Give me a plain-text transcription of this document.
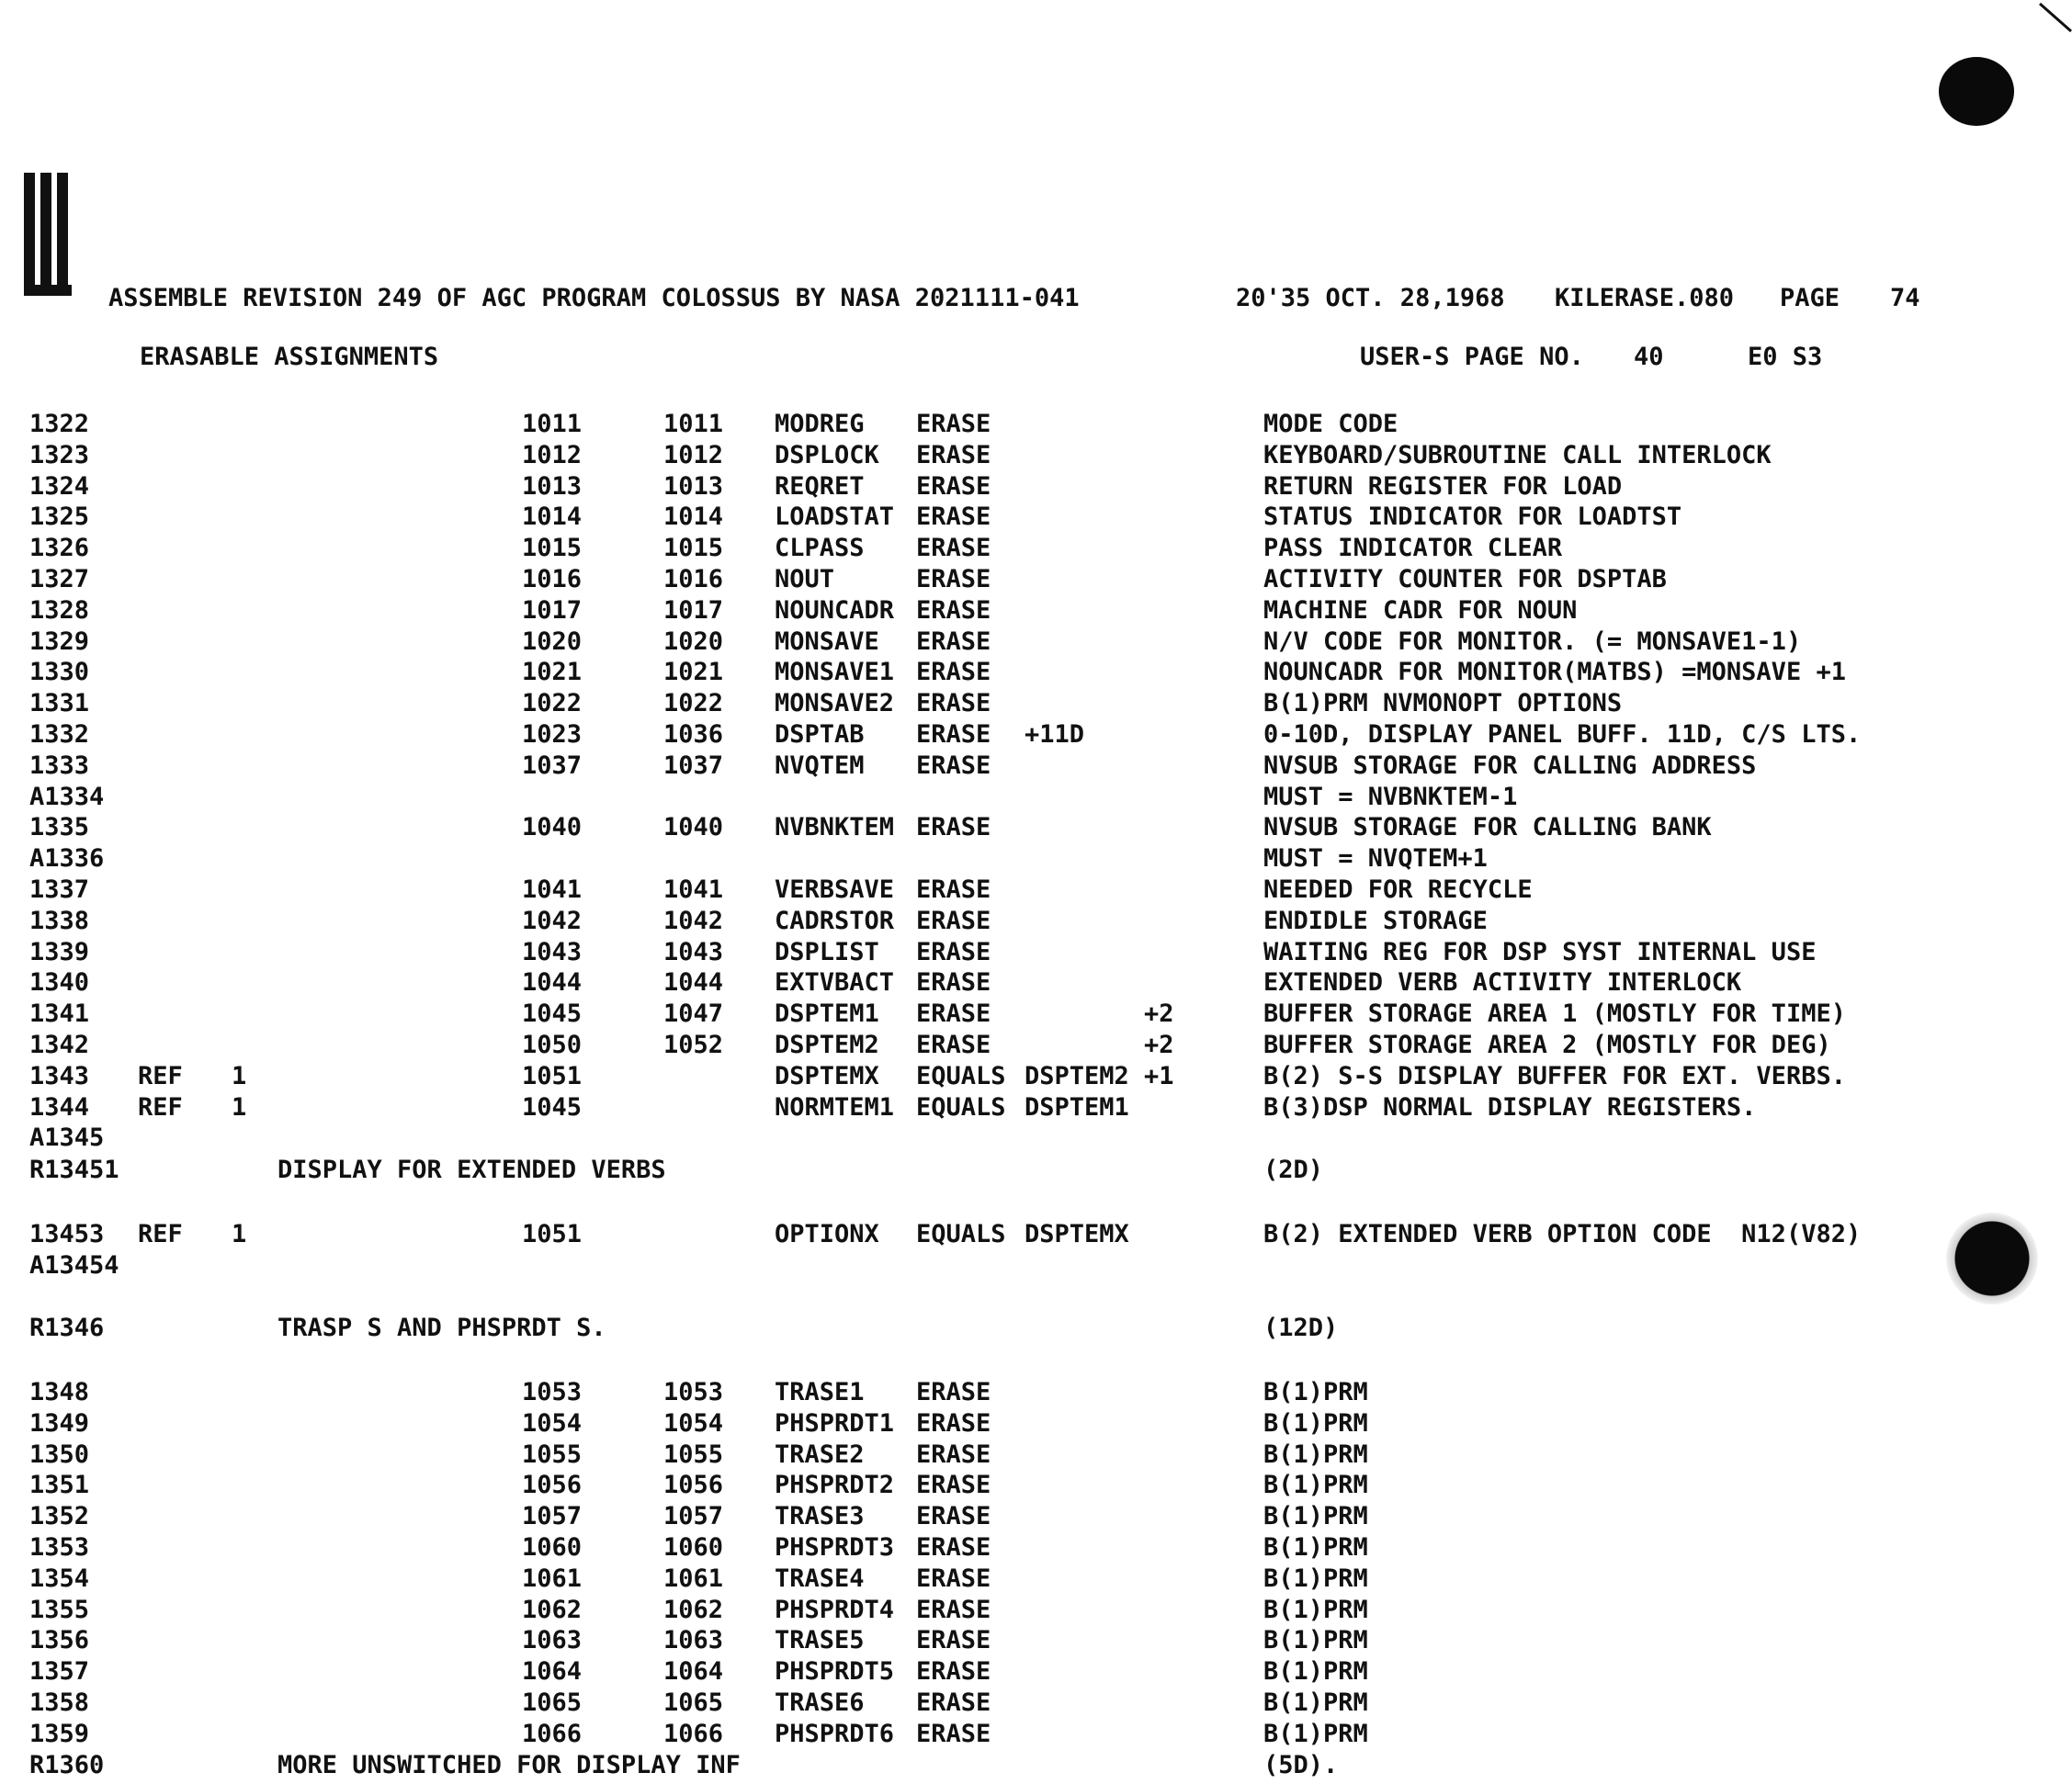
ASSEMBLE REVISION 249 OF AGC PROGRAM COLOSSUS BY NASA 2021111-041	20'35 OCT. 28,1968 KILERASE.080 PAGE 74
ERASABLE ASSIGNMENTS	USER-S PAGE NO. 40	E0 S3
1322	1011	1011 MODREG ERASE	MODE CODE
1323	1012	1012 DSPLOCK ERASE	KEYBOARD/SUBROUTINE CALL INTERLOCK
1324	1013	1013 REQRET ERASE	RETURN REGISTER FOR LOAD
1325	1014	1014 LOADSTAT ERASE	STATUS INDICATOR FOR LOADTST
1326	1015	1015 CLPASS ERASE	PASS INDICATOR CLEAR
1327	1016	1016 NOUT	ERASE	ACTIVITY COUNTER FOR DSPTAB
1328	1017	1017 NOUNCADR ERASE	MACHINE CADR FOR NOUN
1329	1020	1020 MONSAVE ERASE	N/V CODE FOR MONITOR. (= MONSAVE1-1)
1330	1021	1021 MONSAVE1 ERASE	NOUNCADR FOR MONITOR(MATBS) =MONSAVE +1
1331	1022	1022 MONSAVE2 ERASE	B(1)PRM NVMONOPT OPTIONS
1332	1023	1036 DSPTAB ERASE +11D	0-10D, DISPLAY PANEL BUFF. 11D, C/S LTS.
1333	1037	1037 NVQTEM ERASE	NVSUB STORAGE FOR CALLING ADDRESS
A1334	MUST = NVBNKTEM-1
1335	1040	1040 NVBNKTEM ERASE	NVSUB STORAGE FOR CALLING BANK
A1336	MUST = NVQTEM+1
1337	1041	1041 VERBSAVE ERASE	NEEDED FOR RECYCLE
1338	1042	1042 CADRSTOR ERASE	ENDIDLE STORAGE
1339	1043	1043 DSPLIST ERASE	WAITING REG FOR DSP SYST INTERNAL USE
1340	1044	1044 EXTVBACT ERASE	EXTENDED VERB ACTIVITY INTERLOCK
1341	1045	1047 DSPTEM1 ERASE	+2	BUFFER STORAGE AREA 1 (MOSTLY FOR TIME)
1342	1050	1052 DSPTEM2 ERASE	+2	BUFFER STORAGE AREA 2 (MOSTLY FOR DEG)
1343 REF 1	1051	DSPTEMX EQUALS DSPTEM2 +1	B(2) S-S DISPLAY BUFFER FOR EXT. VERBS.
1344 REF 1	1045	NORMTEM1 EQUALS DSPTEM1	B(3)DSP NORMAL DISPLAY REGISTERS.
A1345
R13451	DISPLAY FOR EXTENDED VERBS	(2D)
13453 REF 1	1051	OPTIONX EQUALS DSPTEMX	B(2) EXTENDED VERB OPTION CODE  N12(V82)
A13454
R1346	TRASP S AND PHSPRDT S.	(12D)
1348	1053	1053 TRASE1 ERASE	B(1)PRM
1349	1054	1054 PHSPRDT1 ERASE	B(1)PRM
1350	1055	1055 TRASE2 ERASE	B(1)PRM
1351	1056	1056 PHSPRDT2 ERASE	B(1)PRM
1352	1057	1057 TRASE3 ERASE	B(1)PRM
1353	1060	1060 PHSPRDT3 ERASE	B(1)PRM
1354	1061	1061 TRASE4 ERASE	B(1)PRM
1355	1062	1062 PHSPRDT4 ERASE	B(1)PRM
1356	1063	1063 TRASE5 ERASE	B(1)PRM
1357	1064	1064 PHSPRDT5 ERASE	B(1)PRM
1358	1065	1065 TRASE6 ERASE	B(1)PRM
1359	1066	1066 PHSPRDT6 ERASE	B(1)PRM
R1360	MORE UNSWITCHED FOR DISPLAY INF	(5D).
